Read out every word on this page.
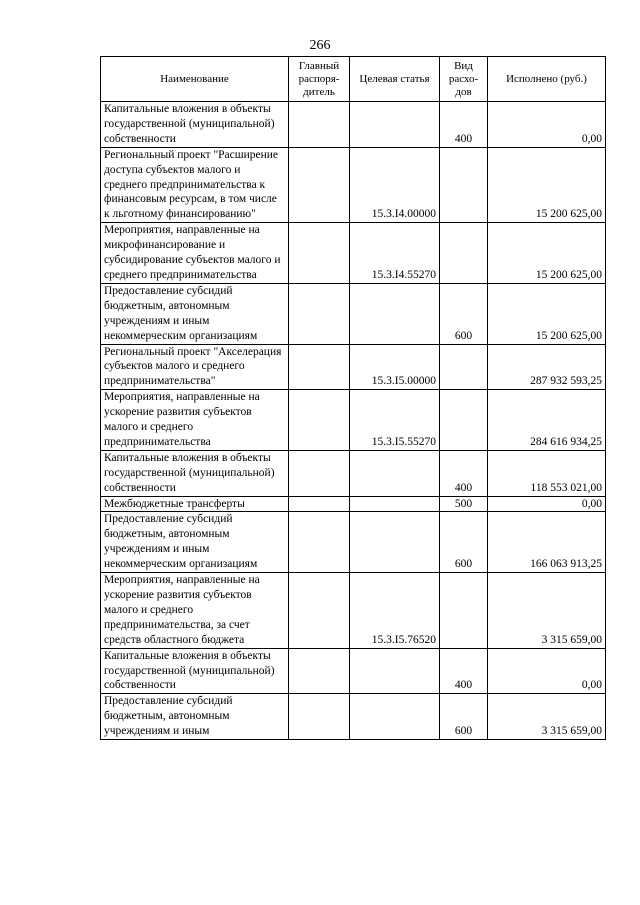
266
Наименование	Главный распоря-дитель	Целевая статья	Вид расхо-дов	Исполнено (руб.)
Капитальные вложения в объекты государственной (муниципальной) собственности			400	0,00
Региональный проект "Расширение доступа субъектов малого и среднего предпринимательства к финансовым ресурсам, в том числе к льготному финансированию"		15.3.I4.00000		15 200 625,00
Мероприятия, направленные на микрофинансирование и субсидирование субъектов малого и среднего предпринимательства		15.3.I4.55270		15 200 625,00
Предоставление субсидий бюджетным, автономным учреждениям и иным некоммерческим организациям			600	15 200 625,00
Региональный проект "Акселерация субъектов малого и среднего предпринимательства"		15.3.I5.00000		287 932 593,25
Мероприятия, направленные на ускорение развития субъектов малого и среднего предпринимательства		15.3.I5.55270		284 616 934,25
Капитальные вложения в объекты государственной (муниципальной) собственности			400	118 553 021,00
Межбюджетные трансферты			500	0,00
Предоставление субсидий бюджетным, автономным учреждениям и иным некоммерческим организациям			600	166 063 913,25
Мероприятия, направленные на ускорение развития субъектов малого и среднего предпринимательства, за счет средств областного бюджета		15.3.I5.76520		3 315 659,00
Капитальные вложения в объекты государственной (муниципальной) собственности			400	0,00
Предоставление субсидий бюджетным, автономным учреждениям и иным			600	3 315 659,00
